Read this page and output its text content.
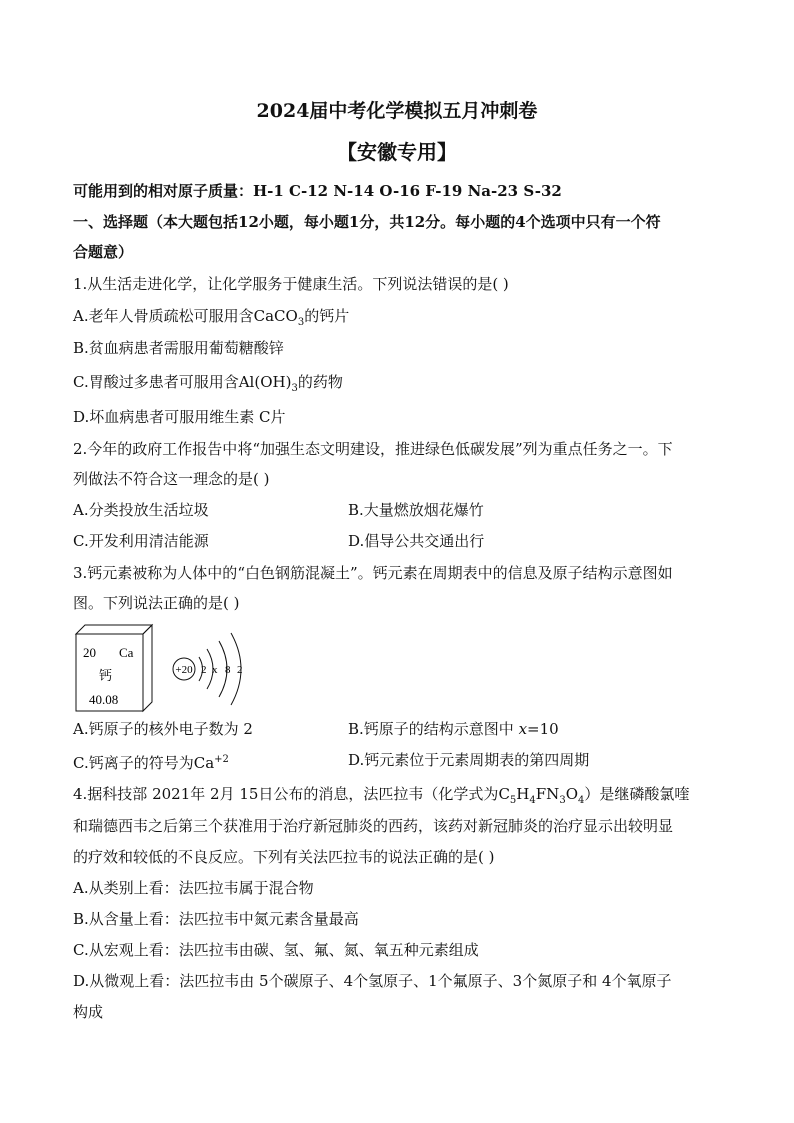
2024届中考化学模拟五月冲刺卷
【安徽专用】
可能用到的相对原子质量：H-1 C-12 N-14 O-16 F-19 Na-23 S-32
一、选择题（本大题包括12小题，每小题1分，共12分。每小题的4个选项中只有一个符
合题意）
1.从生活走进化学，让化学服务于健康生活。下列说法错误的是( )
A.老年人骨质疏松可服用含CaCO$_3$的钙片
B.贫血病患者需服用葡萄糖酸锌
C.胃酸过多患者可服用含$Al(OH)_3$的药物
D.坏血病患者可服用维生素 C片
2.今年的政府工作报告中将“加强生态文明建设，推进绿色低碳发展”列为重点任务之一。下
列做法不符合这一理念的是( )
A.分类投放生活垃圾	B.大量燃放烟花爆竹
C.开发利用清洁能源	D.倡导公共交通出行
3.钙元素被称为人体中的“白色钢筋混凝土”。钙元素在周期表中的信息及原子结构示意图如
图。下列说法正确的是( )
20 Ca
钙
40.08
+20 2 x 8 2
A.钙原子的核外电子数为 2	B.钙原子的结构示意图中 x=10
C.钙离子的符号为$Ca^{+2}$	D.钙元素位于元素周期表的第四周期
4.据科技部 2021年 2月 15日公布的消息，法匹拉韦（化学式为$C_5H_4FN_3O_4$）是继磷酸氯喹
和瑞德西韦之后第三个获准用于治疗新冠肺炎的西药，该药对新冠肺炎的治疗显示出较明显
的疗效和较低的不良反应。下列有关法匹拉韦的说法正确的是( )
A.从类别上看：法匹拉韦属于混合物
B.从含量上看：法匹拉韦中氮元素含量最高
C.从宏观上看：法匹拉韦由碳、氢、氟、氮、氧五种元素组成
D.从微观上看：法匹拉韦由 5个碳原子、4个氢原子、1个氟原子、3个氮原子和 4个氧原子
构成
